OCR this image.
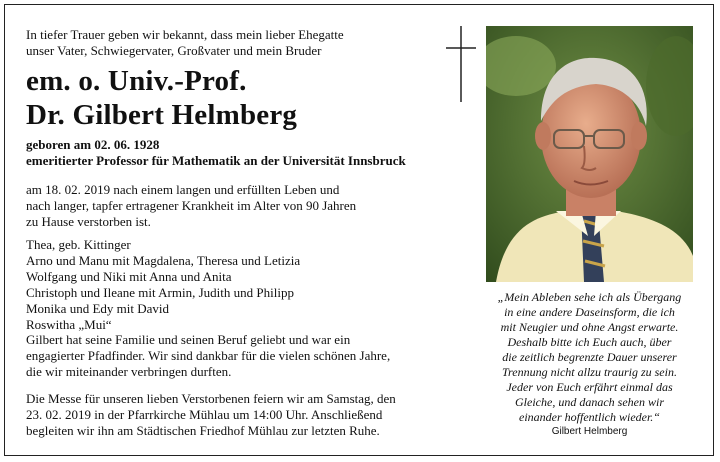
In tiefer Trauer geben wir bekannt, dass mein lieber Ehegatte

unser Vater, Schwiegervater, Großvater und mein Bruder

em. o. Univ.-Prof.
Dr. Gilbert Helmberg
geboren am 02. 06. 1928
emeritierter Professor für Mathematik an der Universität Innsbruck

am 18. 02. 2019 nach einem langen und erfüllten Leben und

nach langer, tapfer ertragener Krankheit im Alter von 90 Jahren

zu Hause verstorben ist.

Thea, geb. Kittinger

Arno und Manu mit Magdalena, Theresa und Letizia

Wolfgang und Niki mit Anna und Anita

Christoph und Ileane mit Armin, Judith und Philipp

Monika und Edy mit David

Roswitha „Mui“

Gilbert hat seine Familie und seinen Beruf geliebt und war ein

engagierter Pfadfinder. Wir sind dankbar für die vielen schönen Jahre,

die wir miteinander verbringen durften.

Die Messe für unseren lieben Verstorbenen feiern wir am Samstag, den

23. 02. 2019 in der Pfarrkirche Mühlau um 14:00 Uhr. Anschließend

begleiten wir ihn am Städtischen Friedhof Mühlau zur letzten Ruhe.

„Mein Ableben sehe ich als Übergang
in eine andere Daseinsform, die ich
mit Neugier und ohne Angst erwarte.
Deshalb bitte ich Euch auch, über
die zeitlich begrenzte Dauer unserer
Trennung nicht allzu traurig zu sein.
Jeder von Euch erfährt einmal das
Gleiche, und danach sehen wir
einander hoffentlich wieder.“
Gilbert Helmberg
